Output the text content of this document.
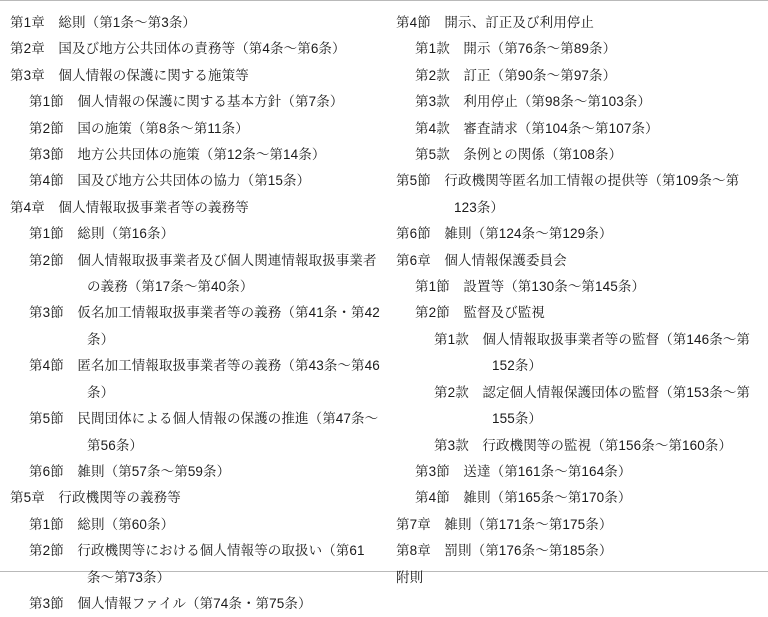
第1章　総則（第1条〜第3条）
第2章　国及び地方公共団体の責務等（第4条〜第6条）
第3章　個人情報の保護に関する施策等
第1節　個人情報の保護に関する基本方針（第7条）
第2節　国の施策（第8条〜第11条）
第3節　地方公共団体の施策（第12条〜第14条）
第4節　国及び地方公共団体の協力（第15条）
第4章　個人情報取扱事業者等の義務等
第1節　総則（第16条）
第2節　個人情報取扱事業者及び個人関連情報取扱事業者の義務（第17条〜第40条）
第3節　仮名加工情報取扱事業者等の義務（第41条・第42条）
第4節　匿名加工情報取扱事業者等の義務（第43条〜第46条）
第5節　民間団体による個人情報の保護の推進（第47条〜第56条）
第6節　雑則（第57条〜第59条）
第5章　行政機関等の義務等
第1節　総則（第60条）
第2節　行政機関等における個人情報等の取扱い（第61条〜第73条）
第3節　個人情報ファイル（第74条・第75条）
第4節　開示、訂正及び利用停止
第1款　開示（第76条〜第89条）
第2款　訂正（第90条〜第97条）
第3款　利用停止（第98条〜第103条）
第4款　審査請求（第104条〜第107条）
第5款　条例との関係（第108条）
第5節　行政機関等匿名加工情報の提供等（第109条〜第123条）
第6節　雑則（第124条〜第129条）
第6章　個人情報保護委員会
第1節　設置等（第130条〜第145条）
第2節　監督及び監視
第1款　個人情報取扱事業者等の監督（第146条〜第152条）
第2款　認定個人情報保護団体の監督（第153条〜第155条）
第3款　行政機関等の監視（第156条〜第160条）
第3節　送達（第161条〜第164条）
第4節　雑則（第165条〜第170条）
第7章　雑則（第171条〜第175条）
第8章　罰則（第176条〜第185条）
附則
